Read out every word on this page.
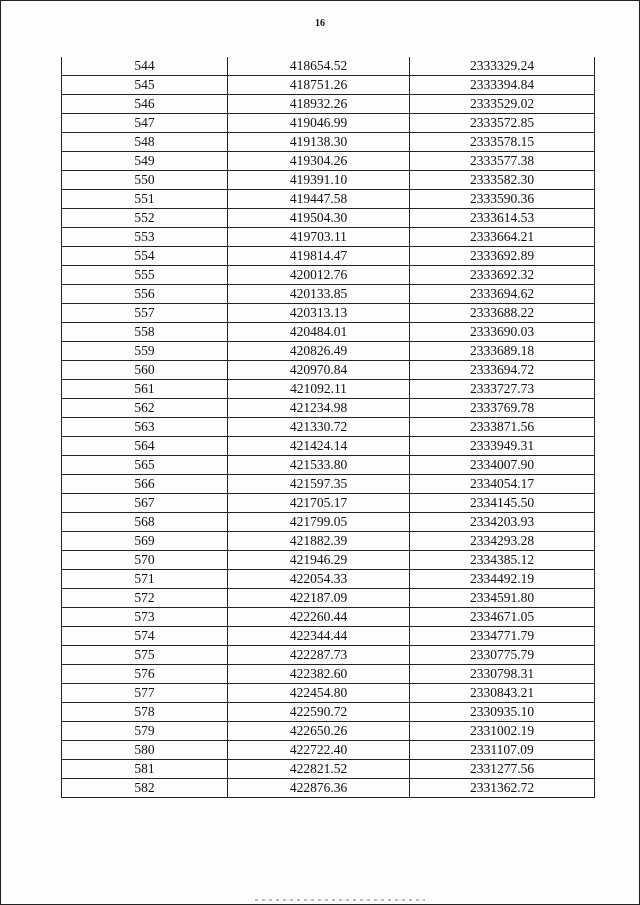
16
544	418654.52	2333329.24
545	418751.26	2333394.84
546	418932.26	2333529.02
547	419046.99	2333572.85
548	419138.30	2333578.15
549	419304.26	2333577.38
550	419391.10	2333582.30
551	419447.58	2333590.36
552	419504.30	2333614.53
553	419703.11	2333664.21
554	419814.47	2333692.89
555	420012.76	2333692.32
556	420133.85	2333694.62
557	420313.13	2333688.22
558	420484.01	2333690.03
559	420826.49	2333689.18
560	420970.84	2333694.72
561	421092.11	2333727.73
562	421234.98	2333769.78
563	421330.72	2333871.56
564	421424.14	2333949.31
565	421533.80	2334007.90
566	421597.35	2334054.17
567	421705.17	2334145.50
568	421799.05	2334203.93
569	421882.39	2334293.28
570	421946.29	2334385.12
571	422054.33	2334492.19
572	422187.09	2334591.80
573	422260.44	2334671.05
574	422344.44	2334771.79
575	422287.73	2330775.79
576	422382.60	2330798.31
577	422454.80	2330843.21
578	422590.72	2330935.10
579	422650.26	2331002.19
580	422722.40	2331107.09
581	422821.52	2331277.56
582	422876.36	2331362.72
